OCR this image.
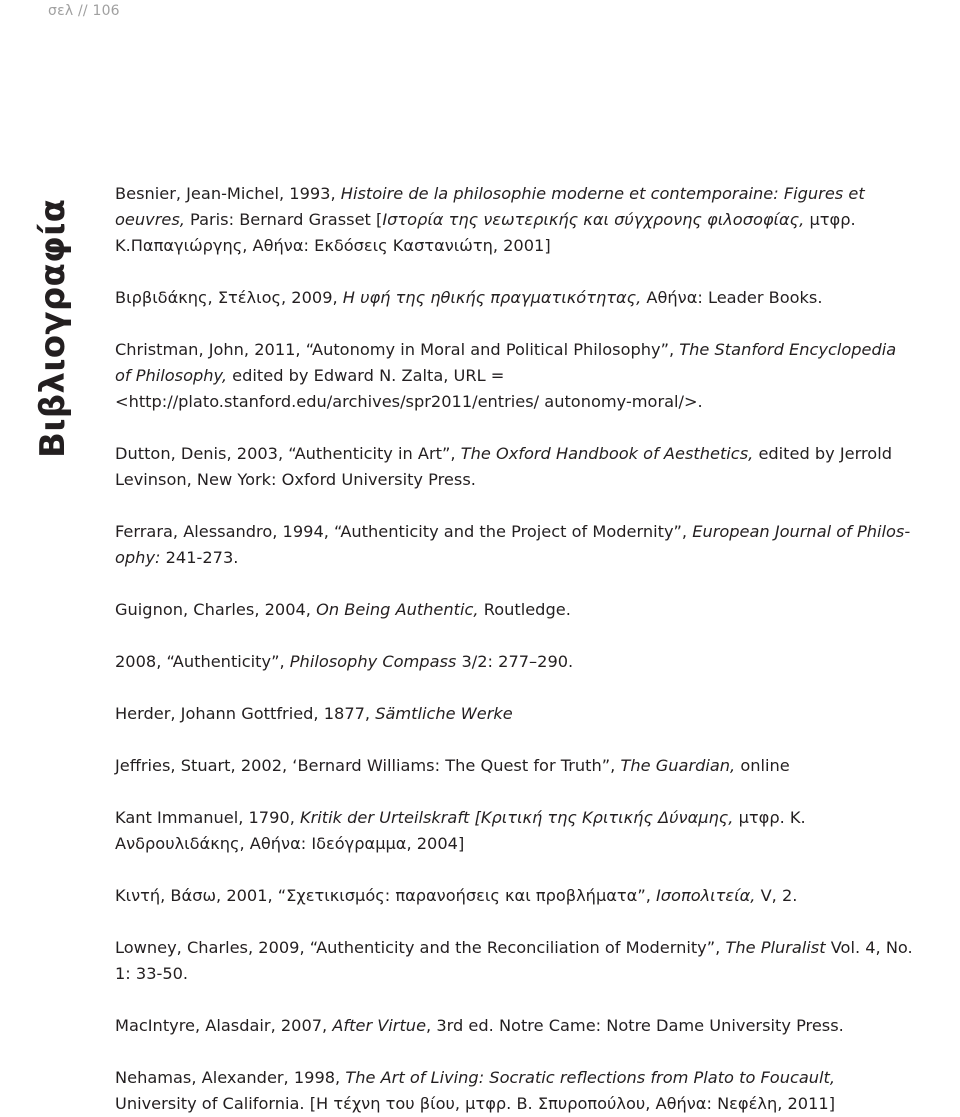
σελ // 106
Βιβλιογραφία

Besnier, Jean-Michel, 1993, Histoire de la philosophie moderne et contemporaine: Figures et oeuvres, Paris: Bernard Grasset [Ιστορία της νεωτερικής και σύγχρονης φιλοσοφίας, μτφρ. Κ.Παπαγιώργης, Αθήνα: Εκδόσεις Καστανιώτη, 2001]

Βιρβιδάκης, Στέλιος, 2009, Η υφή της ηθικής πραγματικότητας, Αθήνα: Leader Books.

Christman, John, 2011, “Autonomy in Moral and Political Philosophy”, The Stanford Encyclopedia of Philosophy, edited by Edward N. Zalta, URL = <http://plato.stanford.edu/archives/spr2011/entries/ autonomy-moral/>.

Dutton, Denis, 2003, “Authenticity in Art”, The Oxford Handbook of Aesthetics, edited by Jerrold Levinson, New York: Oxford University Press.

Ferrara, Alessandro, 1994, “Authenticity and the Project of Modernity”, European Journal of Philos-ophy: 241-273.

Guignon, Charles, 2004, On Being Authentic, Routledge.

2008, “Authenticity”, Philosophy Compass 3/2: 277–290.

Herder, Johann Gottfried, 1877, Sämtliche Werke

Jeffries, Stuart, 2002, ‘Bernard Williams: The Quest for Truth”, The Guardian, online

Kant Immanuel, 1790, Kritik der Urteilskraft [Κριτική της Κριτικής Δύναμης, μτφρ. Κ. Ανδρουλιδάκης, Αθήνα: Ιδεόγραμμα, 2004]

Κιντή, Βάσω, 2001, “Σχετικισμός: παρανοήσεις και προβλήματα”, Ισοπολιτεία, V, 2.

Lowney, Charles, 2009, “Authenticity and the Reconciliation of Modernity”, The Pluralist Vol. 4, No. 1: 33-50.

MacIntyre, Alasdair, 2007, After Virtue, 3rd ed. Notre Came: Notre Dame University Press.

Nehamas, Alexander, 1998, The Art of Living: Socratic reflections from Plato to Foucault, University of California. [Η τέχνη του βίου, μτφρ. Β. Σπυροπούλου, Αθήνα: Νεφέλη, 2011]
